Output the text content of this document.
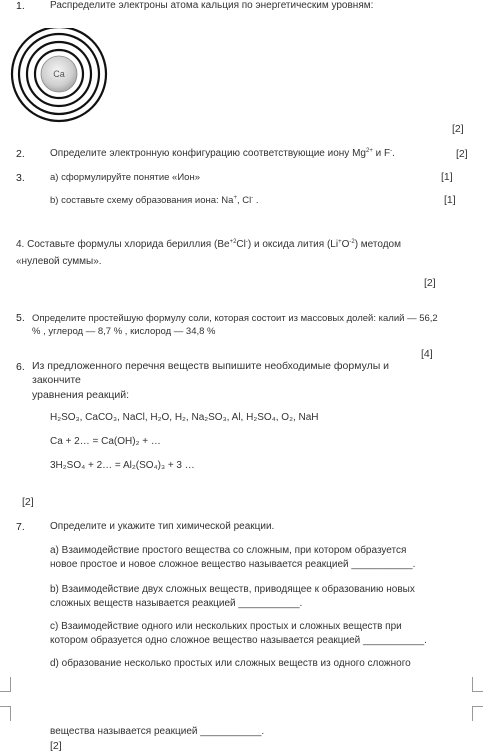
1.	Распределите электроны атома кальция по энергетическим уровням:
Ca
[2]
2.	Определите электронную конфигурацию соответствующие иону $Mg^{2+}$ и F-.	[2]
3.	а) сформулируйте понятие «Ион»	[1]
b) составьте схему образования иона: Na+, Cl- .	[1]
4. Составьте формулы хлорида бериллия $(Be^{+2}Cl^-)$ и оксида лития $(Li^+O^{-2})$ методом
«нулевой суммы».
[2]
5. Определите простейшую формулу соли, которая состоит из массовых долей: калий — 56,2
% , углерод — 8,7 % , кислород — 34,8 %
[4]
6. Из предложенного перечня веществ выпишите необходимые формулы и
закончите
уравнения реакций:
H₂SO₃, CaCO₃, NaCl, H₂O, H₂, Na₂SO₃, Al, H₂SO₄, O₂, NaH
Ca + 2… = Ca(OH)₂ + …
3H₂SO₄ + 2… = Al₂(SO₄)₃ + 3 …
[2]
7.	Определите и укажите тип химической реакции.
а) Взаимодействие простого вещества со сложным, при котором образуется
новое простое и новое сложное вещество называется реакцией ___________.
b) Взаимодействие двух сложных веществ, приводящее к образованию новых
сложных веществ называется реакцией ___________.
с) Взаимодействие одного или нескольких простых и сложных веществ при
котором образуется одно сложное вещество называется реакцией ___________.
d) образование несколько простых или сложных веществ из одного сложного
вещества называется реакцией ___________.
[2]
